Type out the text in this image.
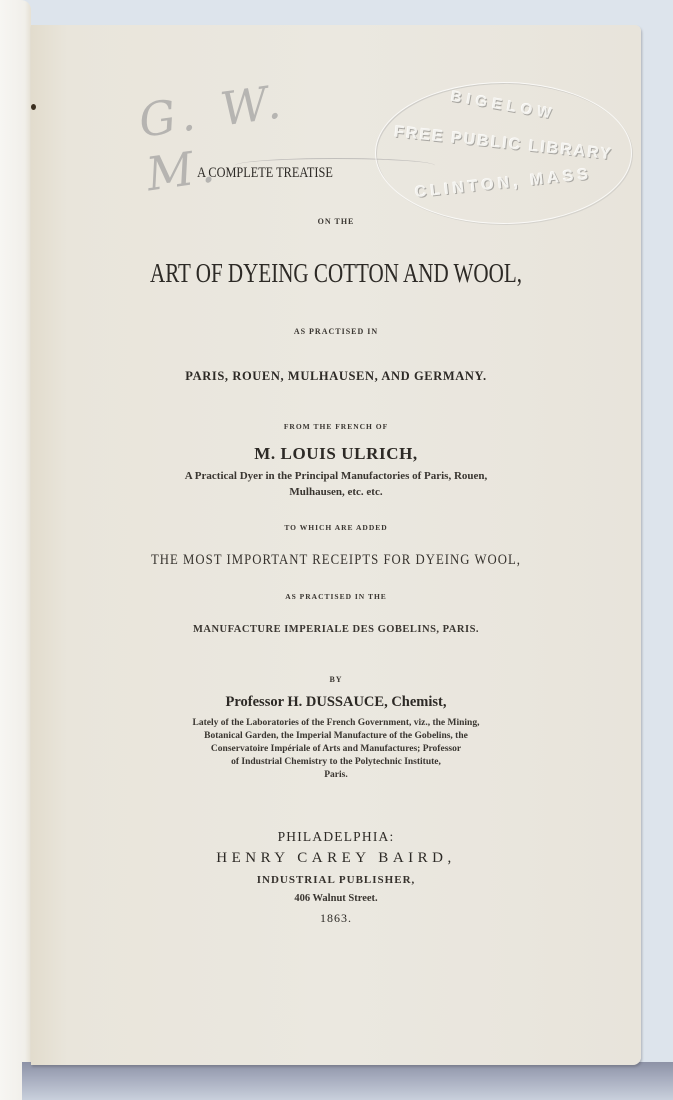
G. W. M.
BIGELOW
FREE PUBLIC LIBRARY
CLINTON, MASS
A COMPLETE TREATISE
ON THE
ART OF DYEING COTTON AND WOOL,
AS PRACTISED IN
PARIS, ROUEN, MULHAUSEN, AND GERMANY.
FROM THE FRENCH OF
M. LOUIS ULRICH,
A Practical Dyer in the Principal Manufactories of Paris, Rouen,
Mulhausen, etc. etc.
TO WHICH ARE ADDED
THE MOST IMPORTANT RECEIPTS FOR DYEING WOOL,
AS PRACTISED IN THE
MANUFACTURE IMPERIALE DES GOBELINS, PARIS.
BY
Professor H. DUSSAUCE, Chemist,
Lately of the Laboratories of the French Government, viz., the Mining,
Botanical Garden, the Imperial Manufacture of the Gobelins, the
Conservatoire Impériale of Arts and Manufactures; Professor
of Industrial Chemistry to the Polytechnic Institute,
Paris.
PHILADELPHIA:
HENRY CAREY BAIRD,
INDUSTRIAL PUBLISHER,
406 Walnut Street.
1863.
